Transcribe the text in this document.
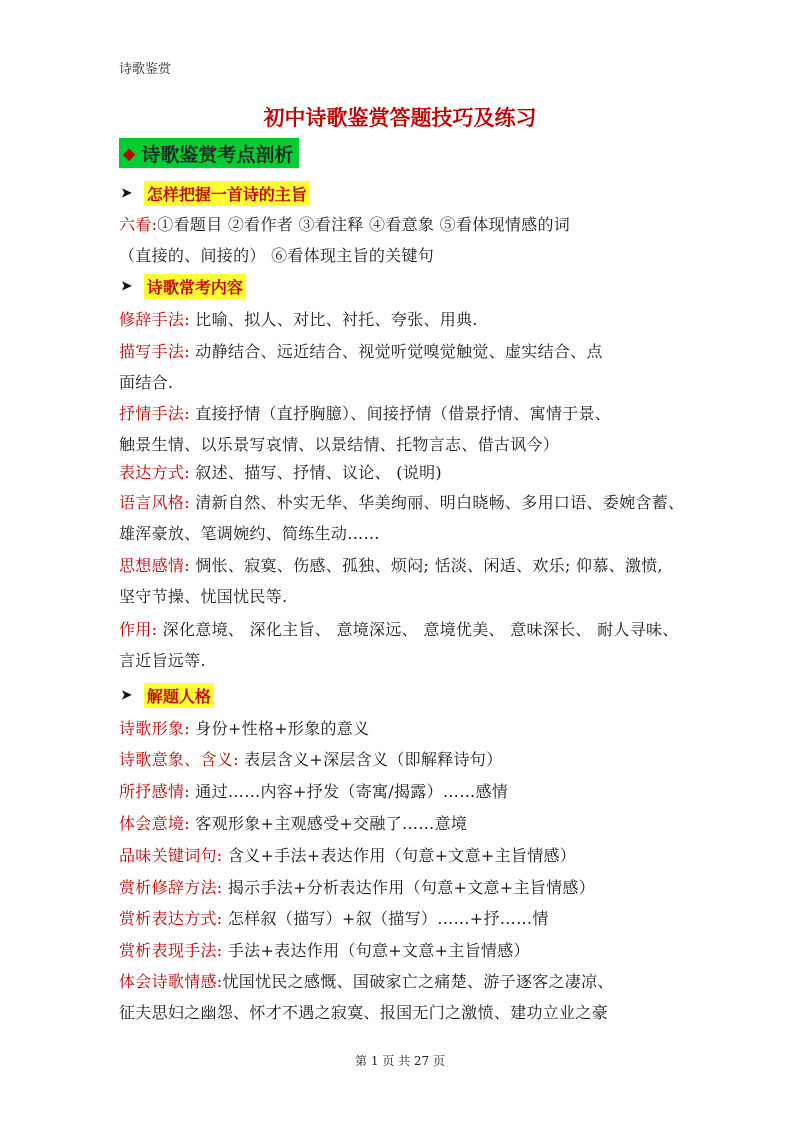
诗歌鉴赏
初中诗歌鉴赏答题技巧及练习
◆ 诗歌鉴赏考点剖析
➤ 怎样把握一首诗的主旨
六看:①看题目 ②看作者 ③看注释 ④看意象 ⑤看体现情感的词
（直接的、间接的） ⑥看体现主旨的关键句
➤ 诗歌常考内容
修辞手法: 比喻、拟人、对比、衬托、夸张、用典.
描写手法: 动静结合、远近结合、视觉听觉嗅觉触觉、虚实结合、点
面结合.
抒情手法: 直接抒情（直抒胸臆）、间接抒情（借景抒情、寓情于景、
触景生情、以乐景写哀情、以景结情、托物言志、借古讽今）
表达方式: 叙述、描写、抒情、议论、 (说明)
语言风格: 清新自然、朴实无华、华美绚丽、明白晓畅、多用口语、委婉含蓄、
雄浑豪放、笔调婉约、简练生动……
思想感情: 惆怅、寂寞、伤感、孤独、烦闷; 恬淡、闲适、欢乐; 仰慕、激愤,
坚守节操、忧国忧民等.
作用: 深化意境、 深化主旨、 意境深远、 意境优美、 意味深长、 耐人寻味、
言近旨远等.
➤ 解题人格
诗歌形象: 身份+性格+形象的意义
诗歌意象、含义: 表层含义+深层含义（即解释诗句）
所抒感情: 通过……内容+抒发（寄寓/揭露）……感情
体会意境: 客观形象+主观感受+交融了……意境
品味关键词句: 含义+手法+表达作用（句意+文意+主旨情感）
赏析修辞方法: 揭示手法+分析表达作用（句意+文意+主旨情感）
赏析表达方式: 怎样叙（描写）+叙（描写）……+抒……情
赏析表现手法: 手法+表达作用（句意+文意+主旨情感）
体会诗歌情感:忧国忧民之感慨、国破家亡之痛楚、游子逐客之凄凉、
征夫思妇之幽怨、怀才不遇之寂寞、报国无门之激愤、建功立业之豪
第 1 页 共 27 页
